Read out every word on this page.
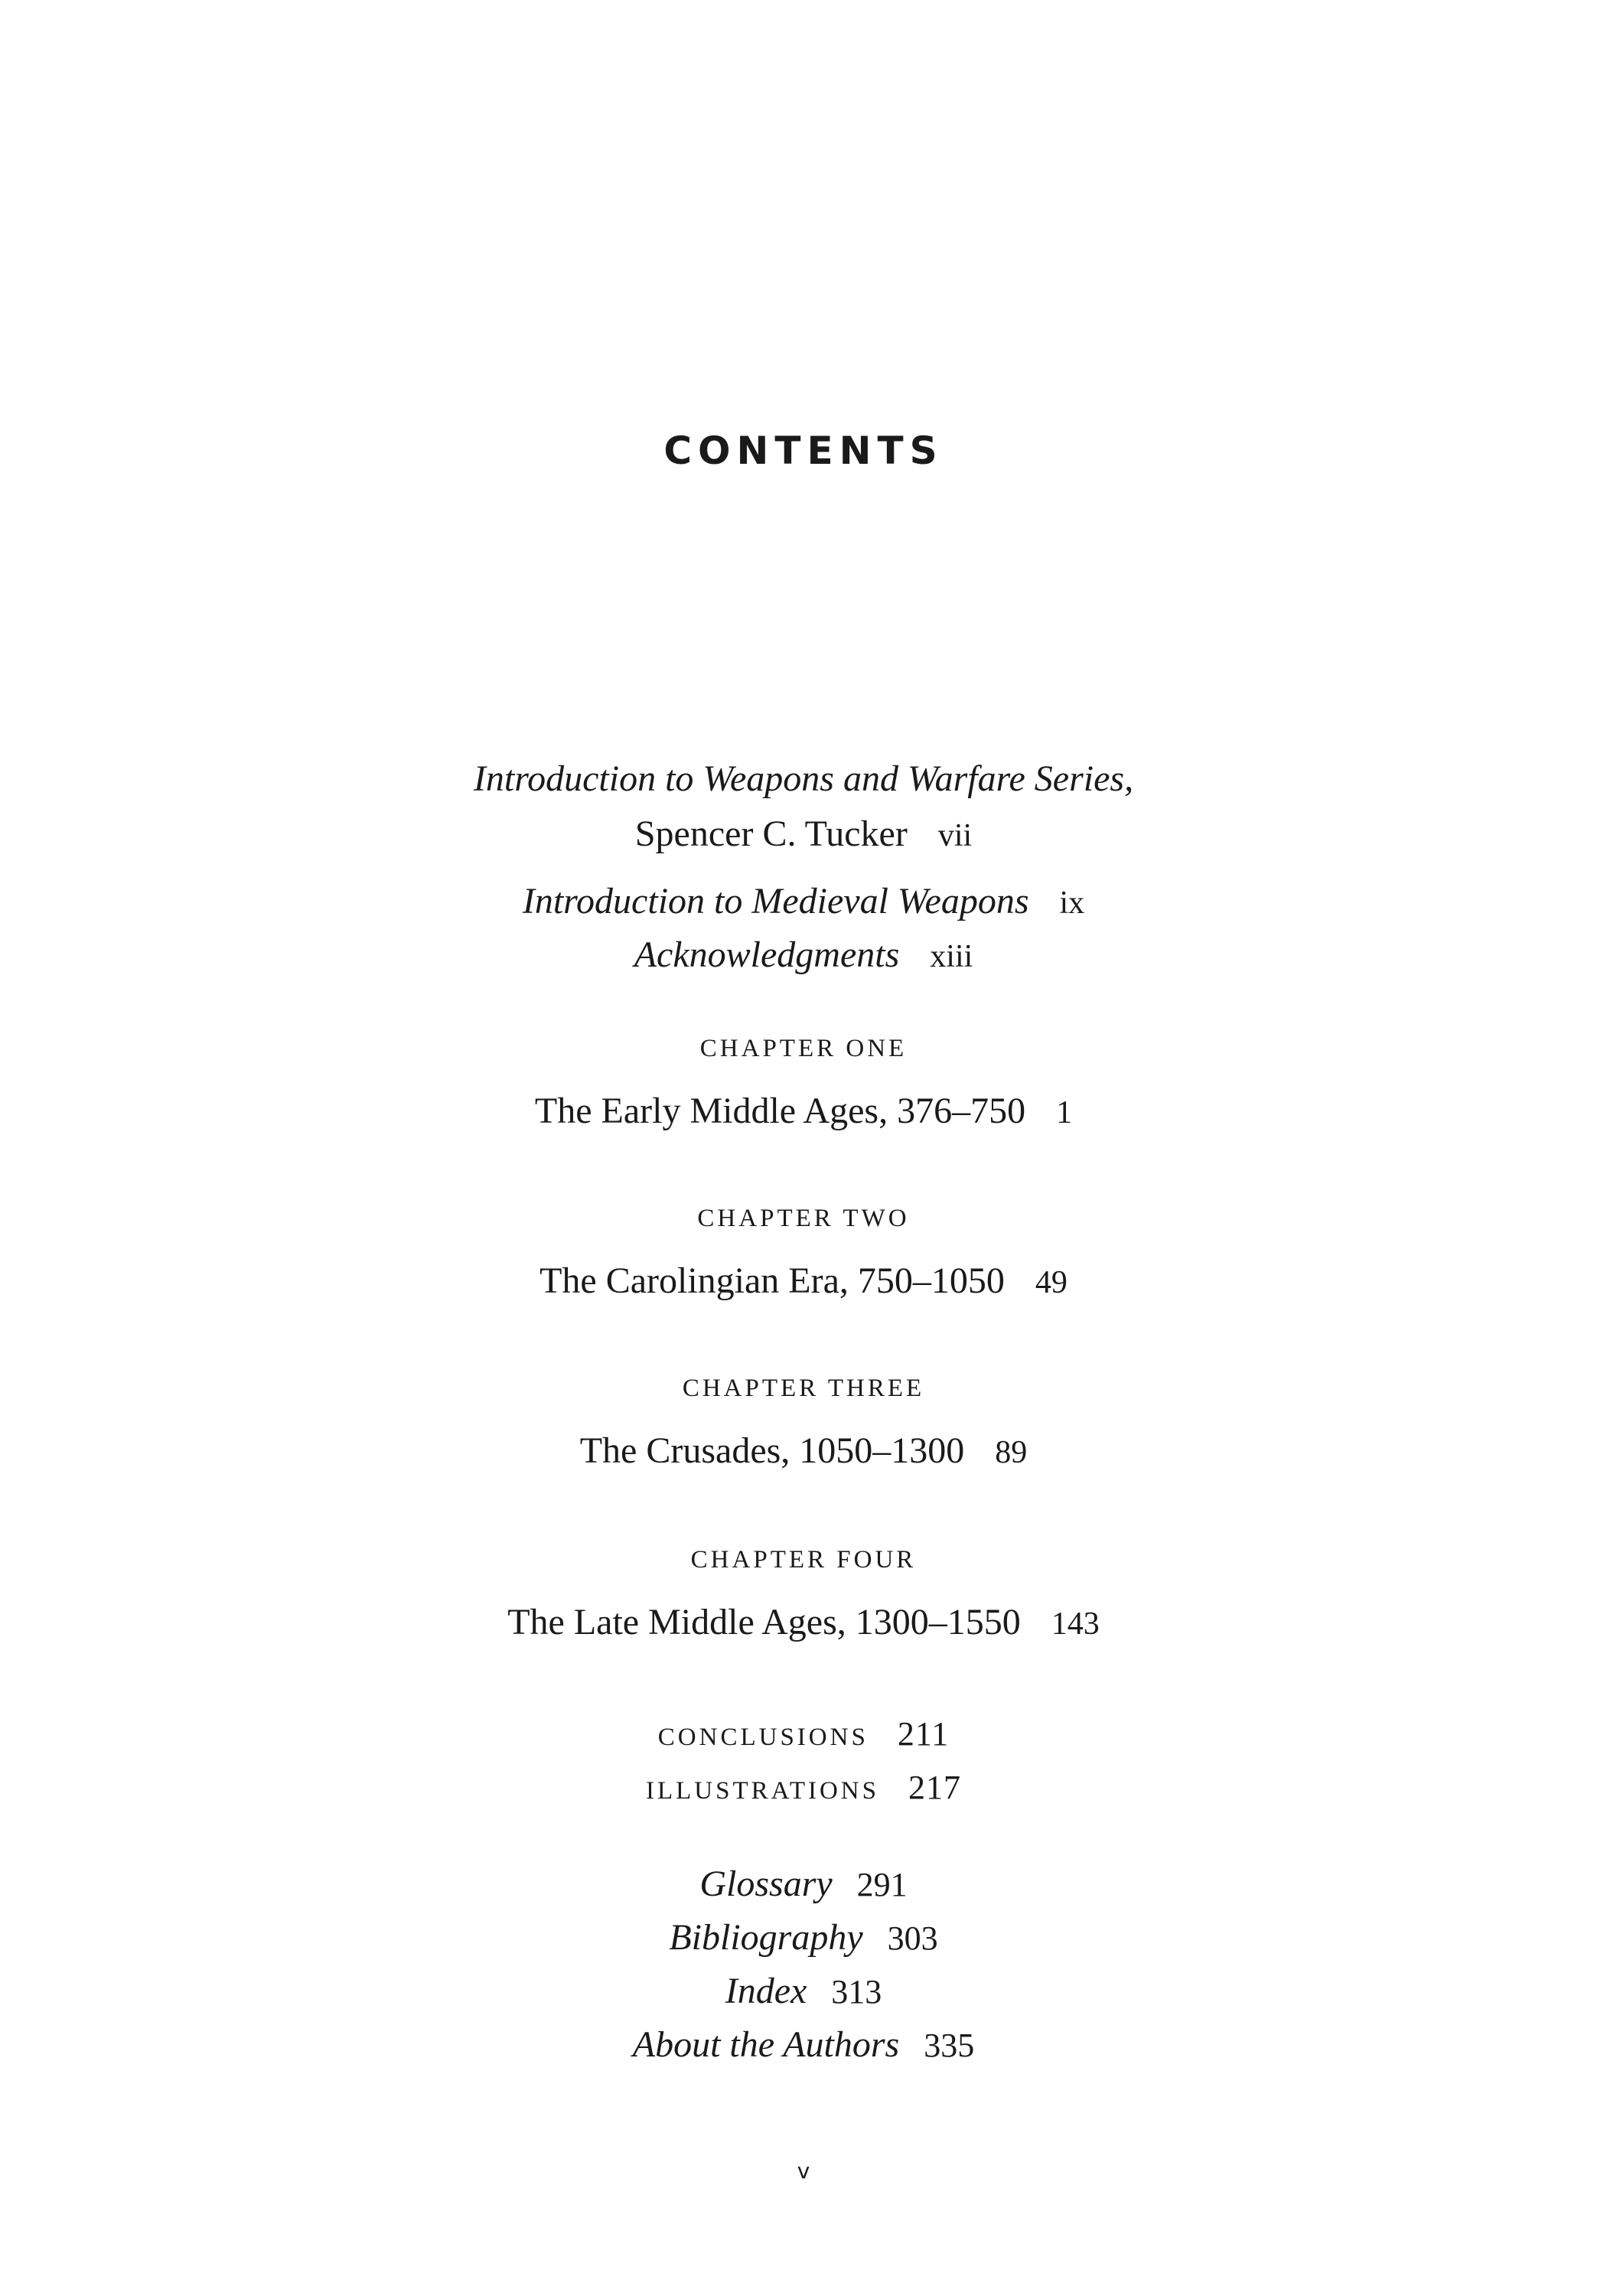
CONTENTS
Introduction to Weapons and Warfare Series,
Spencer C. Tucker vii
Introduction to Medieval Weapons ix
Acknowledgments xiii
CHAPTER ONE
The Early Middle Ages, 376–750 1
CHAPTER TWO
The Carolingian Era, 750–1050 49
CHAPTER THREE
The Crusades, 1050–1300 89
CHAPTER FOUR
The Late Middle Ages, 1300–1550 143
CONCLUSIONS 211
ILLUSTRATIONS 217
Glossary 291
Bibliography 303
Index 313
About the Authors 335
v
